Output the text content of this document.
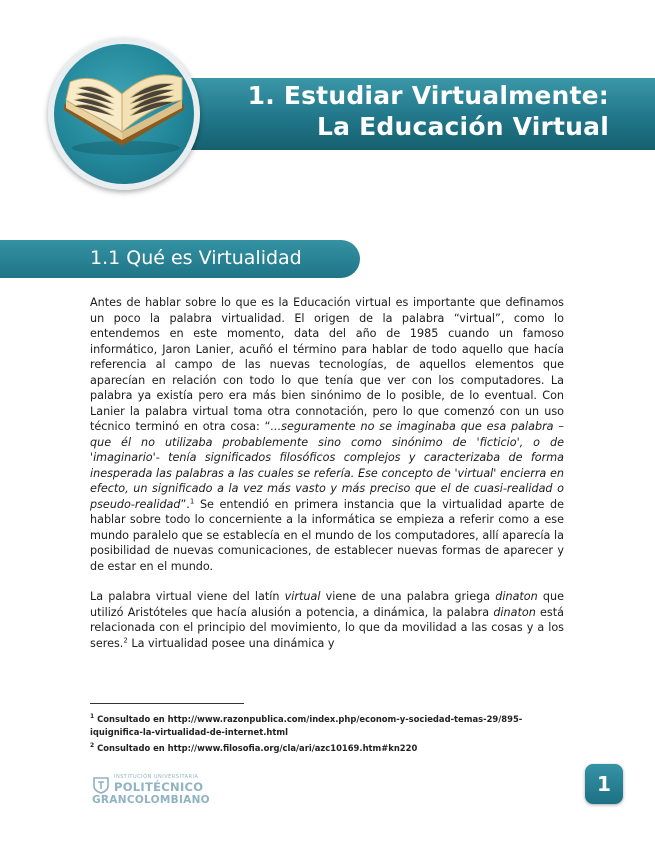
1. Estudiar Virtualmente:
La Educación Virtual
1.1 Qué es Virtualidad

Antes de hablar sobre lo que es la Educación virtual es importante que definamos un poco la palabra virtualidad. El origen de la palabra “virtual”, como lo entendemos en este momento, data del año de 1985 cuando un famoso informático, Jaron Lanier, acuñó el término para hablar de todo aquello que hacía referencia al campo de las nuevas tecnologías, de aquellos elementos que aparecían en relación con todo lo que tenía que ver con los computadores. La palabra ya existía pero era más bien sinónimo de lo posible, de lo eventual. Con Lanier la palabra virtual toma otra connotación, pero lo que comenzó con un uso técnico terminó en otra cosa: “...seguramente no se imaginaba que esa palabra –que él no utilizaba probablemente sino como sinónimo de 'ficticio', o de 'imaginario'- tenía significados filosóficos complejos y caracterizaba de forma inesperada las palabras a las cuales se refería. Ese concepto de 'virtual' encierra en efecto, un significado a la vez más vasto y más preciso que el de cuasi-realidad o pseudo-realidad”.$^1$ Se entendió en primera instancia que la virtualidad aparte de hablar sobre todo lo concerniente a la informática se empieza a referir como a ese mundo paralelo que se establecía en el mundo de los computadores, allí aparecía la posibilidad de nuevas comunicaciones, de establecer nuevas formas de aparecer y de estar en el mundo.

La palabra virtual viene del latín virtual viene de una palabra griega dinaton que utilizó Aristóteles que hacía alusión a potencia, a dinámica, la palabra dinaton está relacionada con el principio del movimiento, lo que da movilidad a las cosas y a los seres.$^2$ La virtualidad posee una dinámica y

$^1$ Consultado en http://www.razonpublica.com/index.php/econom-y-sociedad-temas-29/895-iquignifica-la-virtualidad-de-internet.html
$^2$ Consultado en http://www.filosofia.org/cla/ari/azc10169.htm#kn220
INSTITUCIÓN UNIVERSITARIA
POLITÉCNICO
GRANCOLOMBIANO
1
